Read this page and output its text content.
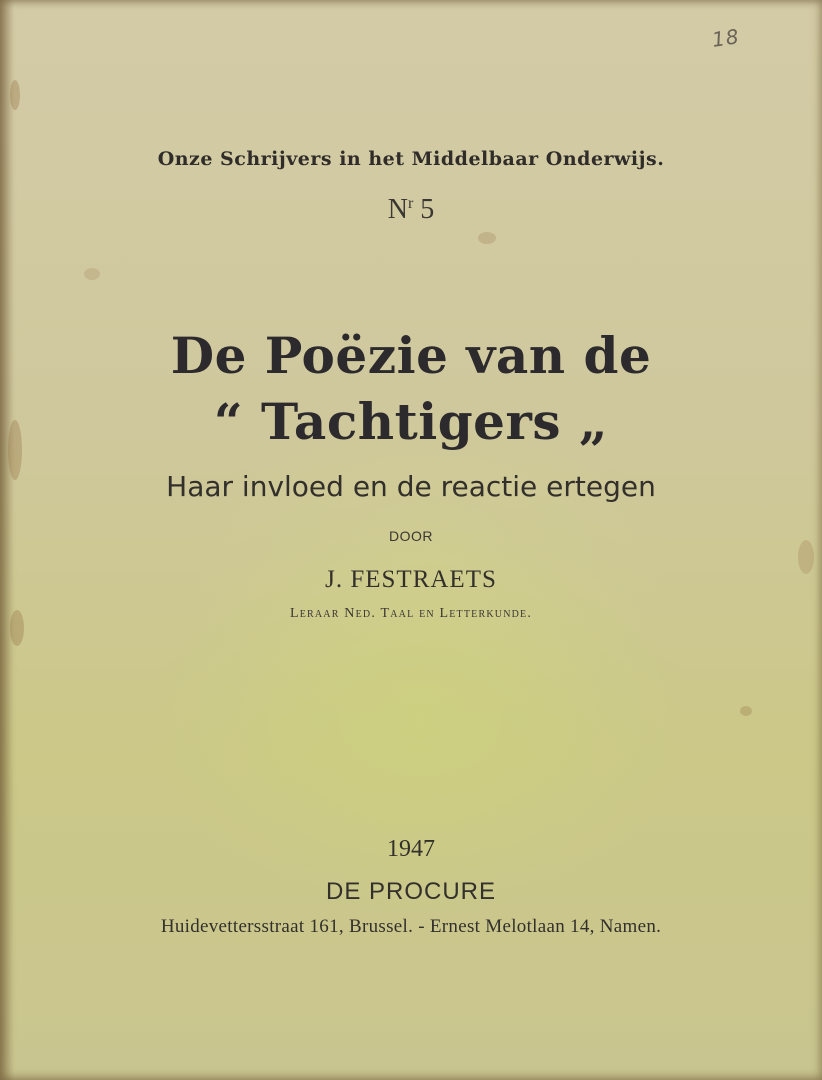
18
Onze Schrijvers in het Middelbaar Onderwijs.
$N^r$ 5
De Poëzie van de
“ Tachtigers „
Haar invloed en de reactie ertegen
DOOR
J. FESTRAETS
Leraar Ned. Taal en Letterkunde.
1947
DE PROCURE
Huidevettersstraat 161, Brussel. - Ernest Melotlaan 14, Namen.
